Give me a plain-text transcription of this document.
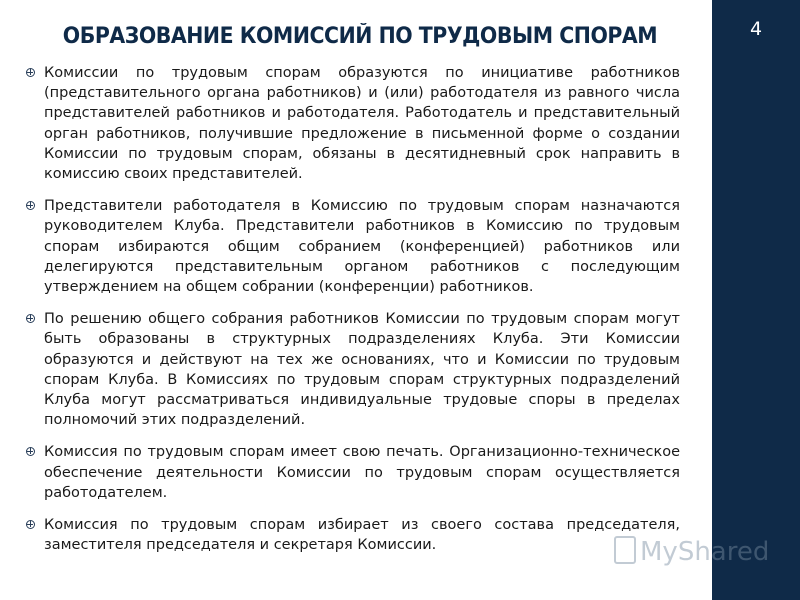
4
ОБРАЗОВАНИЕ КОМИССИЙ ПО ТРУДОВЫМ СПОРАМ
Комиссии по трудовым спорам образуются по инициативе работников (представительного органа работников) и (или) работодателя из равного числа представителей работников и работодателя. Работодатель и представительный орган работников, получившие предложение в письменной форме о создании Комиссии по трудовым спорам, обязаны в десятидневный срок направить в комиссию своих представителей.
Представители работодателя в Комиссию по трудовым спорам назначаются руководителем Клуба. Представители работников в Комиссию по трудовым спорам избираются общим собранием (конференцией) работников или делегируются представительным органом работников с последующим утверждением на общем собрании (конференции) работников.
По решению общего собрания работников Комиссии по трудовым спорам могут быть образованы в структурных подразделениях Клуба. Эти Комиссии образуются и действуют на тех же основаниях, что и Комиссии по трудовым спорам Клуба. В Комиссиях по трудовым спорам структурных подразделений Клуба могут рассматриваться индивидуальные трудовые споры в пределах полномочий этих подразделений.
Комиссия по трудовым спорам имеет свою печать. Организационно-техническое обеспечение деятельности Комиссии по трудовым спорам осуществляется работодателем.
Комиссия по трудовым спорам избирает из своего состава председателя, заместителя председателя и секретаря Комиссии.	MyShared
